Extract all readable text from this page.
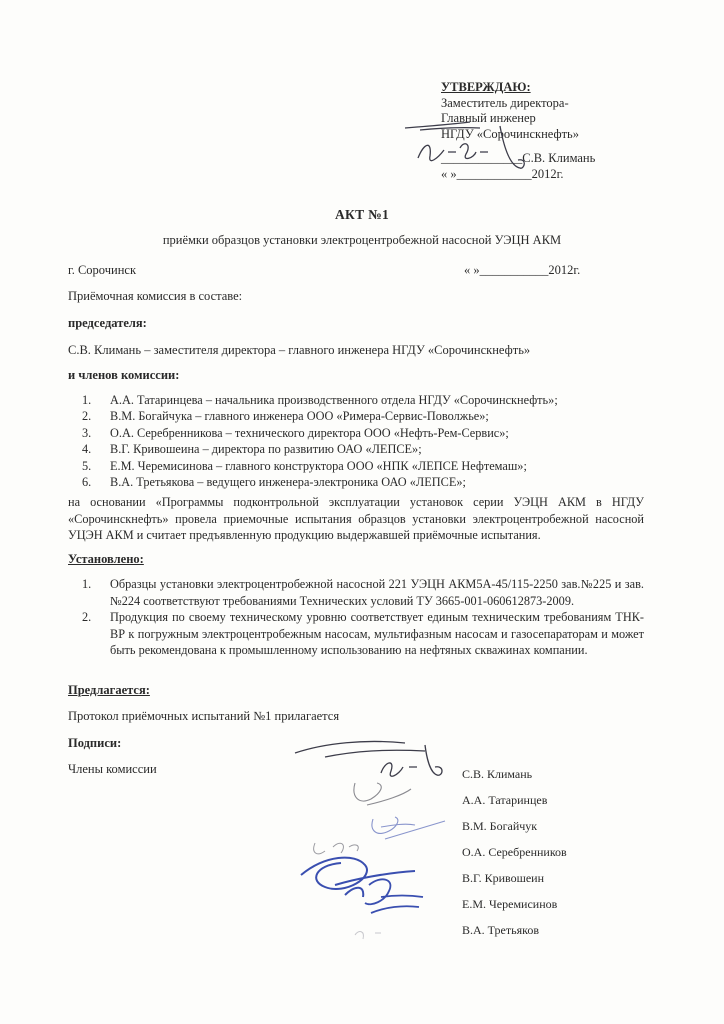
УТВЕРЖДАЮ:
Заместитель директора-
Главный инженер
НГДУ «Сорочинскнефть»
_____________С.В. Климань
« »____________2012г.
АКТ №1
приёмки образцов установки электроцентробежной насосной УЭЦН АКМ
г. Сорочинск	« »___________2012г.
Приёмочная комиссия в составе:
председателя:
С.В. Климань – заместителя директора – главного инженера НГДУ «Сорочинскнефть»
и членов комиссии:
1. А.А. Татаринцева – начальника производственного отдела НГДУ «Сорочинскнефть»;
2. В.М. Богайчука – главного инженера ООО «Римера-Сервис-Поволжье»;
3. О.А. Серебренникова – технического директора ООО «Нефть-Рем-Сервис»;
4. В.Г. Кривошеина – директора по развитию ОАО «ЛЕПСЕ»;
5. Е.М. Черемисинова – главного конструктора ООО «НПК «ЛЕПСЕ Нефтемаш»;
6. В.А. Третьякова – ведущего инженера-электроника ОАО «ЛЕПСЕ»;
на основании «Программы подконтрольной эксплуатации установок серии УЭЦН АКМ в НГДУ «Сорочинскнефть» провела приемочные испытания образцов установки электроцентробежной насосной УЦЭН АКМ и считает предъявленную продукцию выдержавшей приёмочные испытания.
Установлено:
1.	Образцы установки электроцентробежной насосной 221 УЭЦН АКМ5А-45/115-2250 зав.№225 и зав.№224 соответствуют требованиями Технических условий ТУ 3665-001-060612873-2009.
2.	Продукция по своему техническому уровню соответствует единым техническим требованиям ТНК-ВР к погружным электроцентробежным насосам, мультифазным насосам и газосепараторам и может быть рекомендована к промышленному использованию на нефтяных скважинах компании.
Предлагается:
Протокол приёмочных испытаний №1 прилагается
Подписи:
Члены комиссии	С.В. Климань
А.А. Татаринцев
В.М. Богайчук
О.А. Серебренников
В.Г. Кривошеин
Е.М. Черемисинов
В.А. Третьяков
